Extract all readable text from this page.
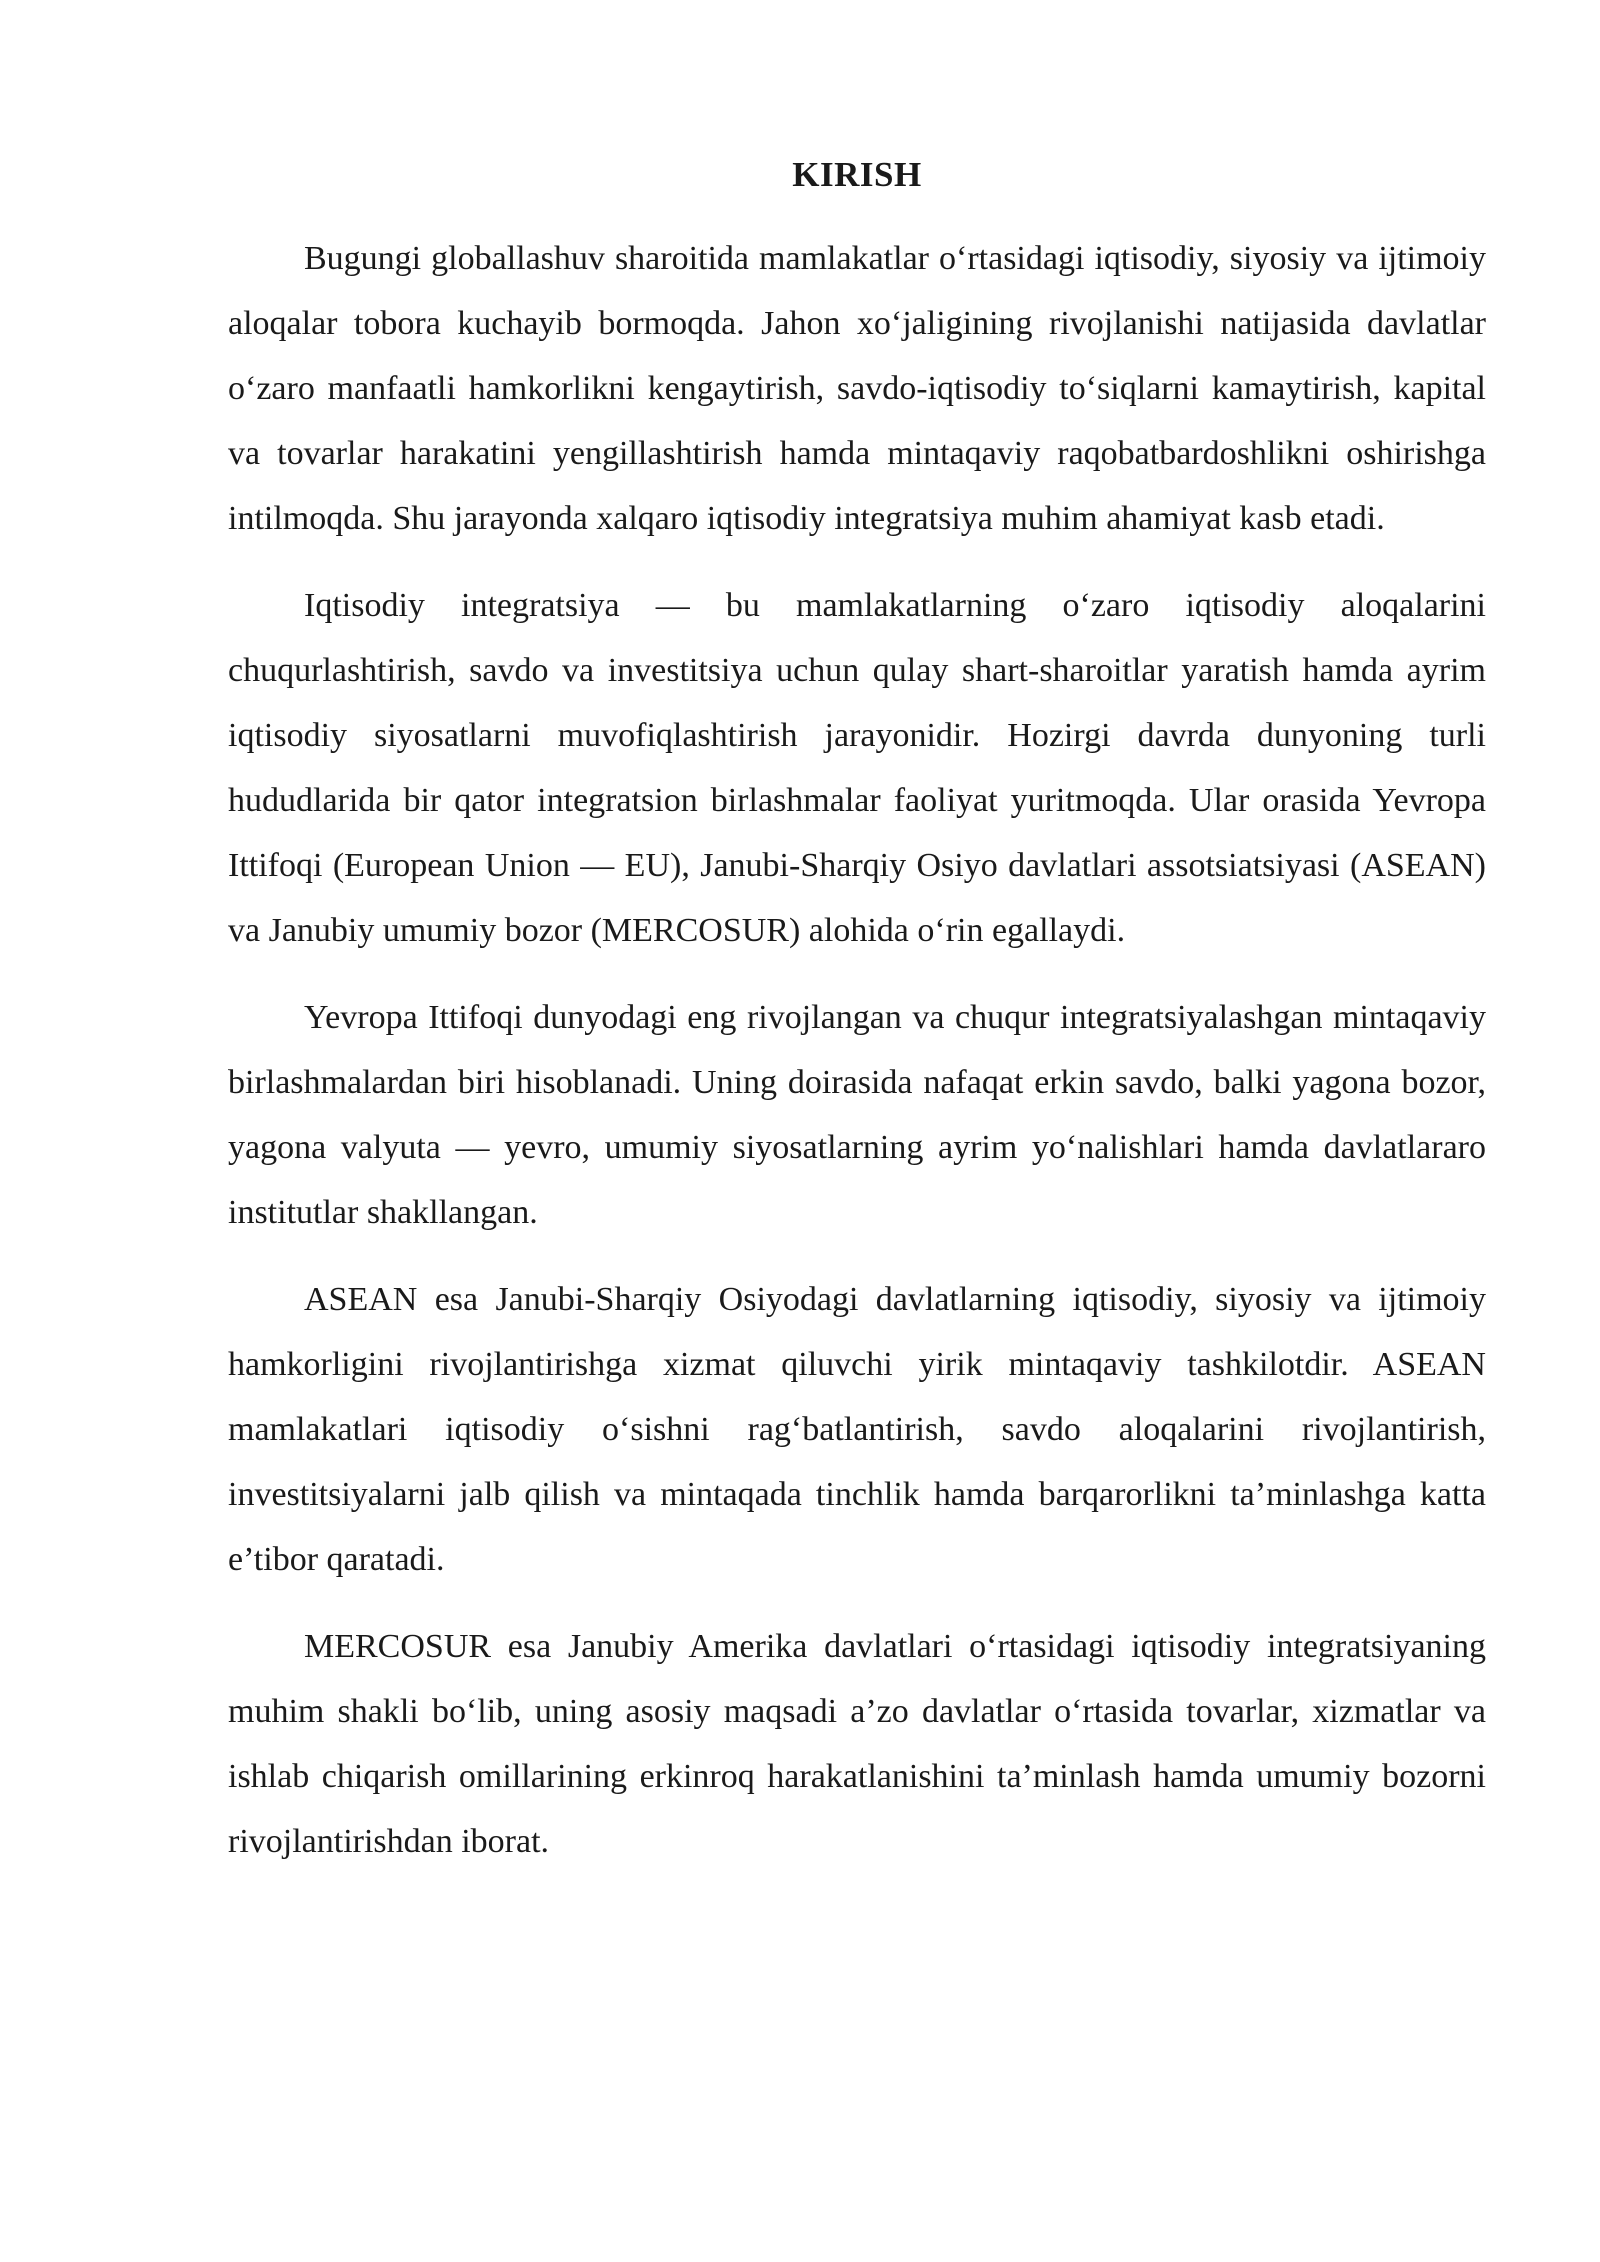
KIRISH

Bugungi globallashuv sharoitida mamlakatlar o‘rtasidagi iqtisodiy, siyosiy va ijtimoiy aloqalar tobora kuchayib bormoqda. Jahon xo‘jaligining rivojlanishi natijasida davlatlar o‘zaro manfaatli hamkorlikni kengaytirish, savdo-iqtisodiy to‘siqlarni kamaytirish, kapital va tovarlar harakatini yengillashtirish hamda mintaqaviy raqobatbardoshlikni oshirishga intilmoqda. Shu jarayonda xalqaro iqtisodiy integratsiya muhim ahamiyat kasb etadi.

Iqtisodiy integratsiya — bu mamlakatlarning o‘zaro iqtisodiy aloqalarini chuqurlashtirish, savdo va investitsiya uchun qulay shart-sharoitlar yaratish hamda ayrim iqtisodiy siyosatlarni muvofiqlashtirish jarayonidir. Hozirgi davrda dunyoning turli hududlarida bir qator integratsion birlashmalar faoliyat yuritmoqda. Ular orasida Yevropa Ittifoqi (European Union — EU), Janubi-Sharqiy Osiyo davlatlari assotsiatsiyasi (ASEAN) va Janubiy umumiy bozor (MERCOSUR) alohida o‘rin egallaydi.

Yevropa Ittifoqi dunyodagi eng rivojlangan va chuqur integratsiyalashgan mintaqaviy birlashmalardan biri hisoblanadi. Uning doirasida nafaqat erkin savdo, balki yagona bozor, yagona valyuta — yevro, umumiy siyosatlarning ayrim yo‘nalishlari hamda davlatlararo institutlar shakllangan.

ASEAN esa Janubi-Sharqiy Osiyodagi davlatlarning iqtisodiy, siyosiy va ijtimoiy hamkorligini rivojlantirishga xizmat qiluvchi yirik mintaqaviy tashkilotdir. ASEAN mamlakatlari iqtisodiy o‘sishni rag‘batlantirish, savdo aloqalarini rivojlantirish, investitsiyalarni jalb qilish va mintaqada tinchlik hamda barqarorlikni ta’minlashga katta e’tibor qaratadi.

MERCOSUR esa Janubiy Amerika davlatlari o‘rtasidagi iqtisodiy integratsiyaning muhim shakli bo‘lib, uning asosiy maqsadi a’zo davlatlar o‘rtasida tovarlar, xizmatlar va ishlab chiqarish omillarining erkinroq harakatlanishini ta’minlash hamda umumiy bozorni rivojlantirishdan iborat.
